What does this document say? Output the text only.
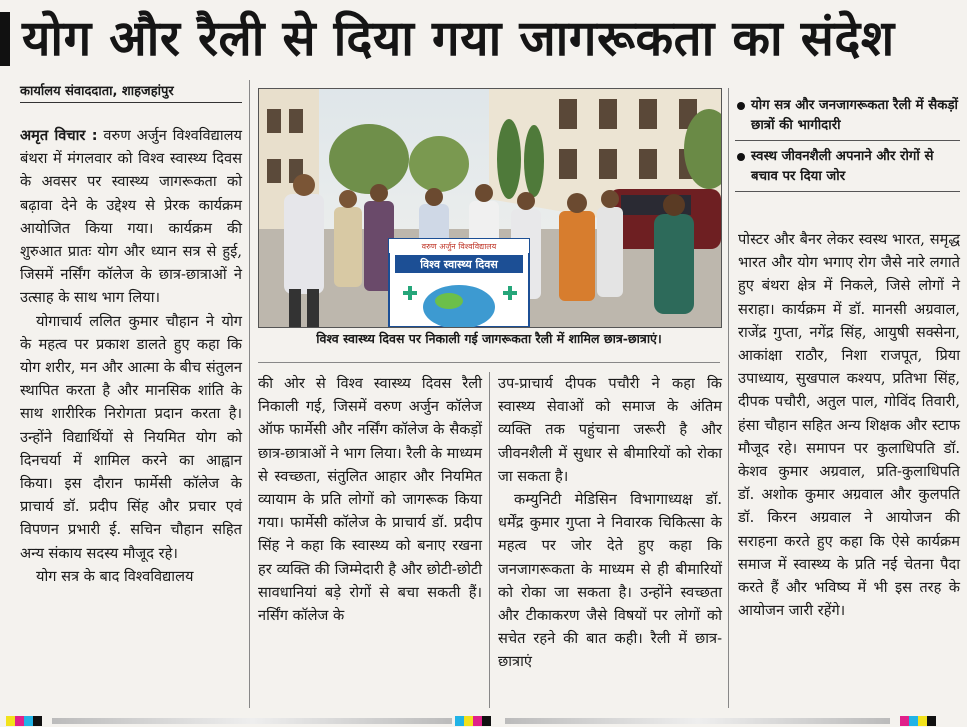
योग और रैली से दिया गया जागरूकता का संदेश
कार्यालय संवाददाता, शाहजहांपुर

अमृत विचार : वरुण अर्जुन विश्वविद्यालय बंथरा में मंगलवार को विश्व स्वास्थ्य दिवस के अवसर पर स्वास्थ्य जागरूकता को बढ़ावा देने के उद्देश्य से प्रेरक कार्यक्रम आयोजित किया गया। कार्यक्रम की शुरुआत प्रातः योग और ध्यान सत्र से हुई, जिसमें नर्सिंग कॉलेज के छात्र-छात्राओं ने उत्साह के साथ भाग लिया।

योगाचार्य ललित कुमार चौहान ने योग के महत्व पर प्रकाश डालते हुए कहा कि योग शरीर, मन और आत्मा के बीच संतुलन स्थापित करता है और मानसिक शांति के साथ शारीरिक निरोगता प्रदान करता है। उन्होंने विद्यार्थियों से नियमित योग को दिनचर्या में शामिल करने का आह्वान किया। इस दौरान फार्मेसी कॉलेज के प्राचार्य डॉ. प्रदीप सिंह और प्रचार एवं विपणन प्रभारी ई. सचिन चौहान सहित अन्य संकाय सदस्य मौजूद रहे।

योग सत्र के बाद विश्वविद्यालय

वरुण अर्जुन विश्वविद्यालय
विश्व स्वास्थ्य दिवस
विश्व स्वास्थ्य दिवस पर निकाली गई जागरूकता रैली में शामिल छात्र-छात्राएं।
योग सत्र और जनजागरूकता रैली में सैकड़ों छात्रों की भागीदारी
स्वस्थ जीवनशैली अपनाने और रोगों से बचाव पर दिया जोर

की ओर से विश्व स्वास्थ्य दिवस रैली निकाली गई, जिसमें वरुण अर्जुन कॉलेज ऑफ फार्मेसी और नर्सिंग कॉलेज के सैकड़ों छात्र-छात्राओं ने भाग लिया। रैली के माध्यम से स्वच्छता, संतुलित आहार और नियमित व्यायाम के प्रति लोगों को जागरूक किया गया। फार्मेसी कॉलेज के प्राचार्य डॉ. प्रदीप सिंह ने कहा कि स्वास्थ्य को बनाए रखना हर व्यक्ति की जिम्मेदारी है और छोटी-छोटी सावधानियां बड़े रोगों से बचा सकती हैं। नर्सिंग कॉलेज के

उप-प्राचार्य दीपक पचौरी ने कहा कि स्वास्थ्य सेवाओं को समाज के अंतिम व्यक्ति तक पहुंचाना जरूरी है और जीवनशैली में सुधार से बीमारियों को रोका जा सकता है।

कम्युनिटी मेडिसिन विभागाध्यक्ष डॉ. धर्मेंद्र कुमार गुप्ता ने निवारक चिकित्सा के महत्व पर जोर देते हुए कहा कि जनजागरूकता के माध्यम से ही बीमारियों को रोका जा सकता है। उन्होंने स्वच्छता और टीकाकरण जैसे विषयों पर लोगों को सचेत रहने की बात कही। रैली में छात्र-छात्राएं

पोस्टर और बैनर लेकर स्वस्थ भारत, समृद्ध भारत और योग भगाए रोग जैसे नारे लगाते हुए बंथरा क्षेत्र में निकले, जिसे लोगों ने सराहा। कार्यक्रम में डॉ. मानसी अग्रवाल, राजेंद्र गुप्ता, नगेंद्र सिंह, आयुषी सक्सेना, आकांक्षा राठौर, निशा राजपूत, प्रिया उपाध्याय, सुखपाल कश्यप, प्रतिभा सिंह, दीपक पचौरी, अतुल पाल, गोविंद तिवारी, हंसा चौहान सहित अन्य शिक्षक और स्टाफ मौजूद रहे। समापन पर कुलाधिपति डॉ. केशव कुमार अग्रवाल, प्रति-कुलाधिपति डॉ. अशोक कुमार अग्रवाल और कुलपति डॉ. किरन अग्रवाल ने आयोजन की सराहना करते हुए कहा कि ऐसे कार्यक्रम समाज में स्वास्थ्य के प्रति नई चेतना पैदा करते हैं और भविष्य में भी इस तरह के आयोजन जारी रहेंगे।
